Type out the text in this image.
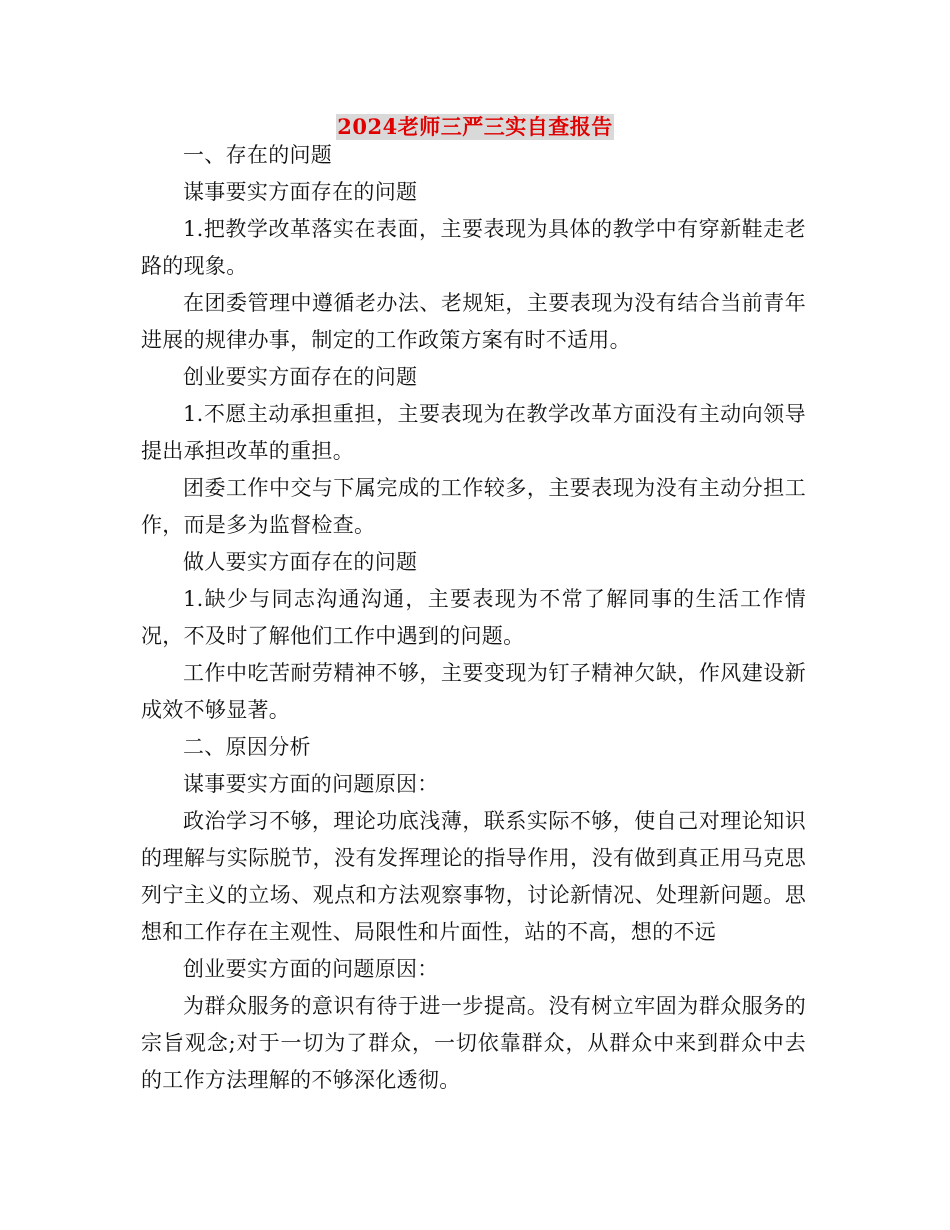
2024老师三严三实自查报告

一、存在的问题

谋事要实方面存在的问题

1.把教学改革落实在表面，主要表现为具体的教学中有穿新鞋走老路的现象。

在团委管理中遵循老办法、老规矩，主要表现为没有结合当前青年进展的规律办事，制定的工作政策方案有时不适用。

创业要实方面存在的问题

1.不愿主动承担重担，主要表现为在教学改革方面没有主动向领导提出承担改革的重担。

团委工作中交与下属完成的工作较多，主要表现为没有主动分担工作，而是多为监督检查。

做人要实方面存在的问题

1.缺少与同志沟通沟通，主要表现为不常了解同事的生活工作情况，不及时了解他们工作中遇到的问题。

工作中吃苦耐劳精神不够，主要变现为钉子精神欠缺，作风建设新成效不够显著。

二、原因分析

谋事要实方面的问题原因：

政治学习不够，理论功底浅薄，联系实际不够，使自己对理论知识的理解与实际脱节，没有发挥理论的指导作用，没有做到真正用马克思列宁主义的立场、观点和方法观察事物，讨论新情况、处理新问题。思想和工作存在主观性、局限性和片面性，站的不高，想的不远

创业要实方面的问题原因：

为群众服务的意识有待于进一步提高。没有树立牢固为群众服务的宗旨观念;对于一切为了群众，一切依靠群众，从群众中来到群众中去的工作方法理解的不够深化透彻。
